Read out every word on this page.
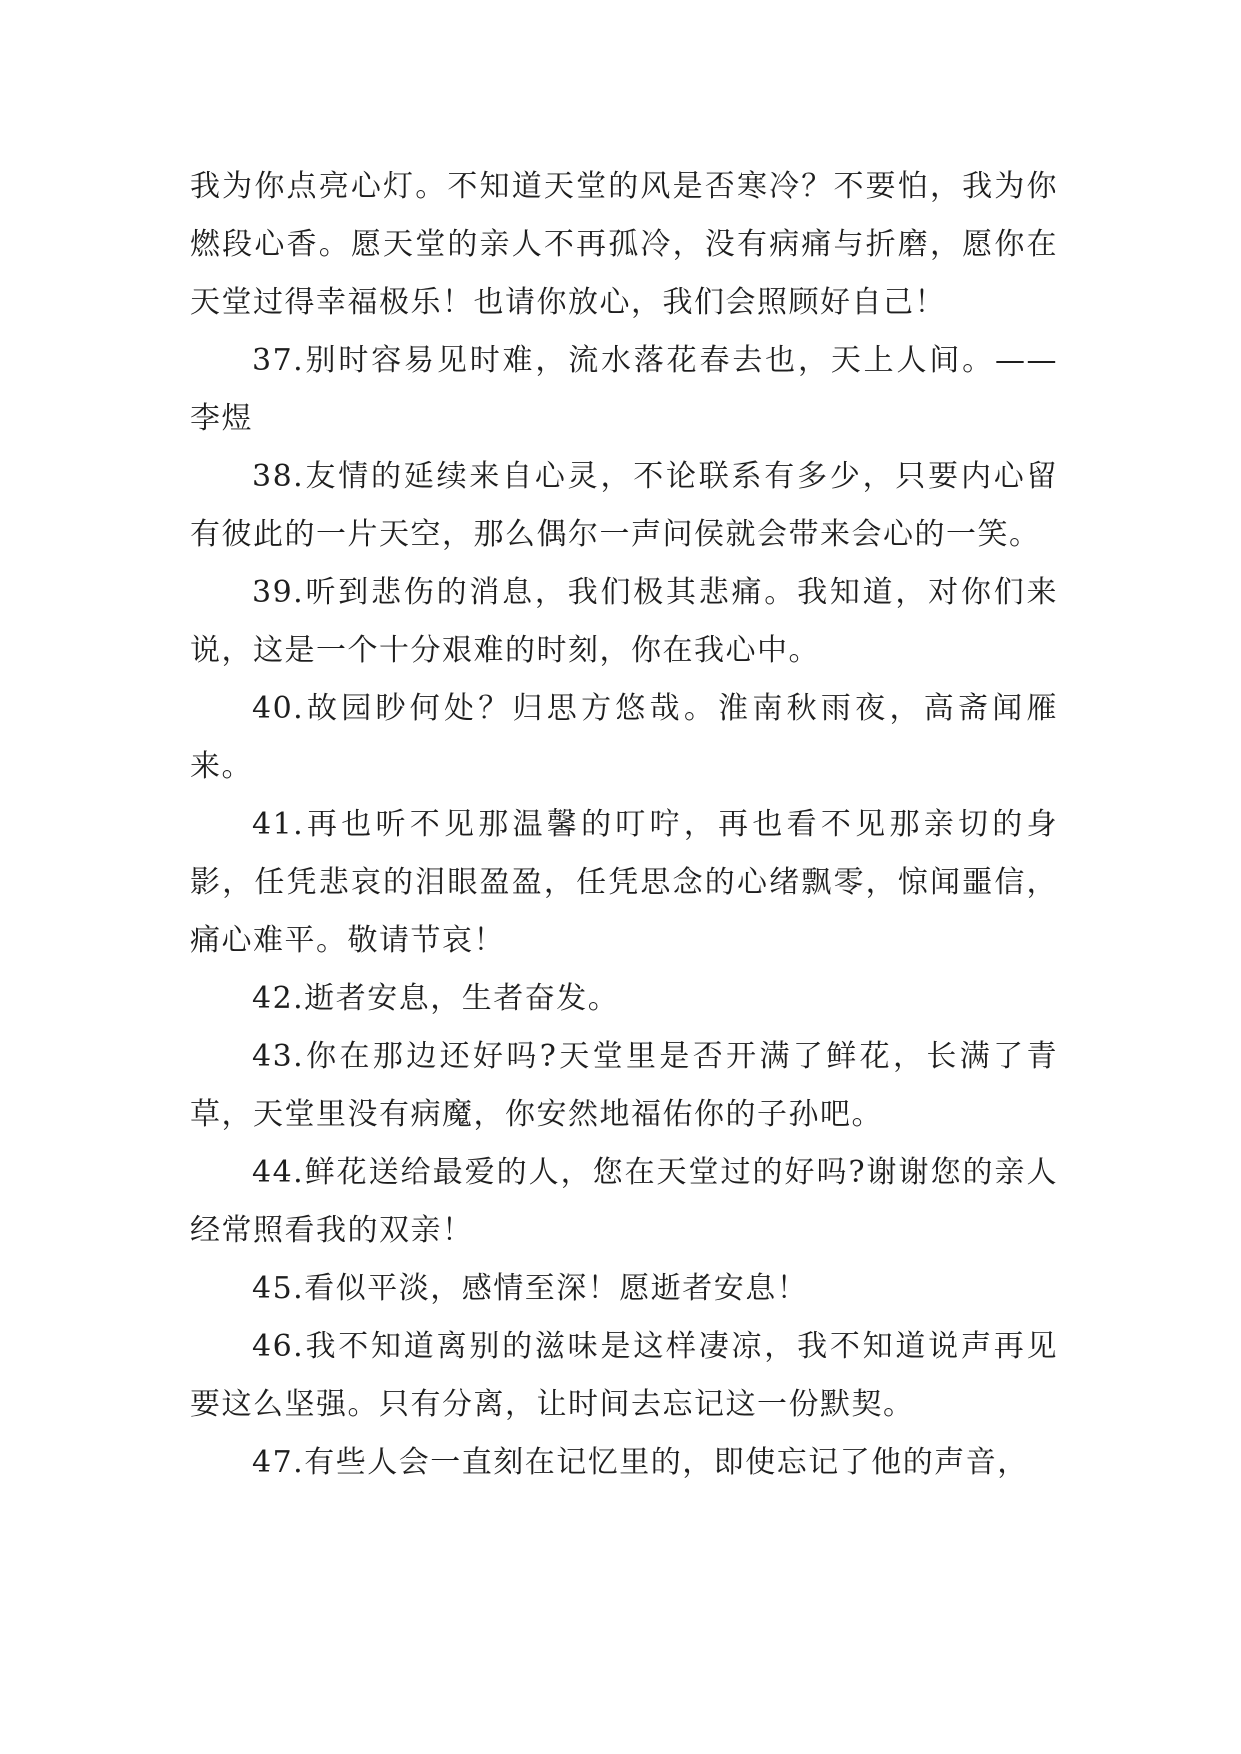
我为你点亮心灯。不知道天堂的风是否寒冷？不要怕，我为你燃段心香。愿天堂的亲人不再孤冷，没有病痛与折磨，愿你在天堂过得幸福极乐！也请你放心，我们会照顾好自己！

37.别时容易见时难，流水落花春去也，天上人间。——李煜

38.友情的延续来自心灵，不论联系有多少，只要内心留有彼此的一片天空，那么偶尔一声问侯就会带来会心的一笑。

39.听到悲伤的消息，我们极其悲痛。我知道，对你们来说，这是一个十分艰难的时刻，你在我心中。

40.故园眇何处？归思方悠哉。淮南秋雨夜，高斋闻雁来。

41.再也听不见那温馨的叮咛，再也看不见那亲切的身影，任凭悲哀的泪眼盈盈，任凭思念的心绪飘零，惊闻噩信，痛心难平。敬请节哀！

42.逝者安息，生者奋发。

43.你在那边还好吗?天堂里是否开满了鲜花，长满了青草，天堂里没有病魔，你安然地福佑你的子孙吧。

44.鲜花送给最爱的人，您在天堂过的好吗?谢谢您的亲人经常照看我的双亲！

45.看似平淡，感情至深！愿逝者安息！

46.我不知道离别的滋味是这样凄凉，我不知道说声再见要这么坚强。只有分离，让时间去忘记这一份默契。

47.有些人会一直刻在记忆里的，即使忘记了他的声音，
